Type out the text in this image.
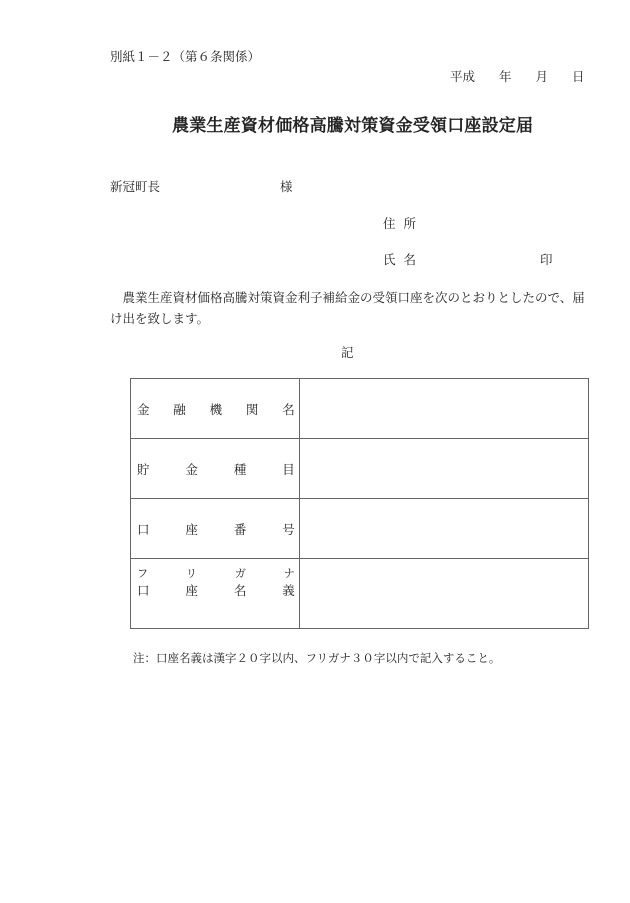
別紙１－２（第６条関係）
平成 年 月 日
農業生産資材価格高騰対策資金受領口座設定届
新冠町長	様
住 所
氏 名	印
　農業生産資材価格高騰対策資金利子補給金の受領口座を次のとおりとしたので、届け出を致します。
記
金 融 機 関 名	

貯 金 種 目	

口 座 番 号	

フ	リ	ガ	ナ
口	座	名	義

注：口座名義は漢字２０字以内、フリガナ３０字以内で記入すること。
